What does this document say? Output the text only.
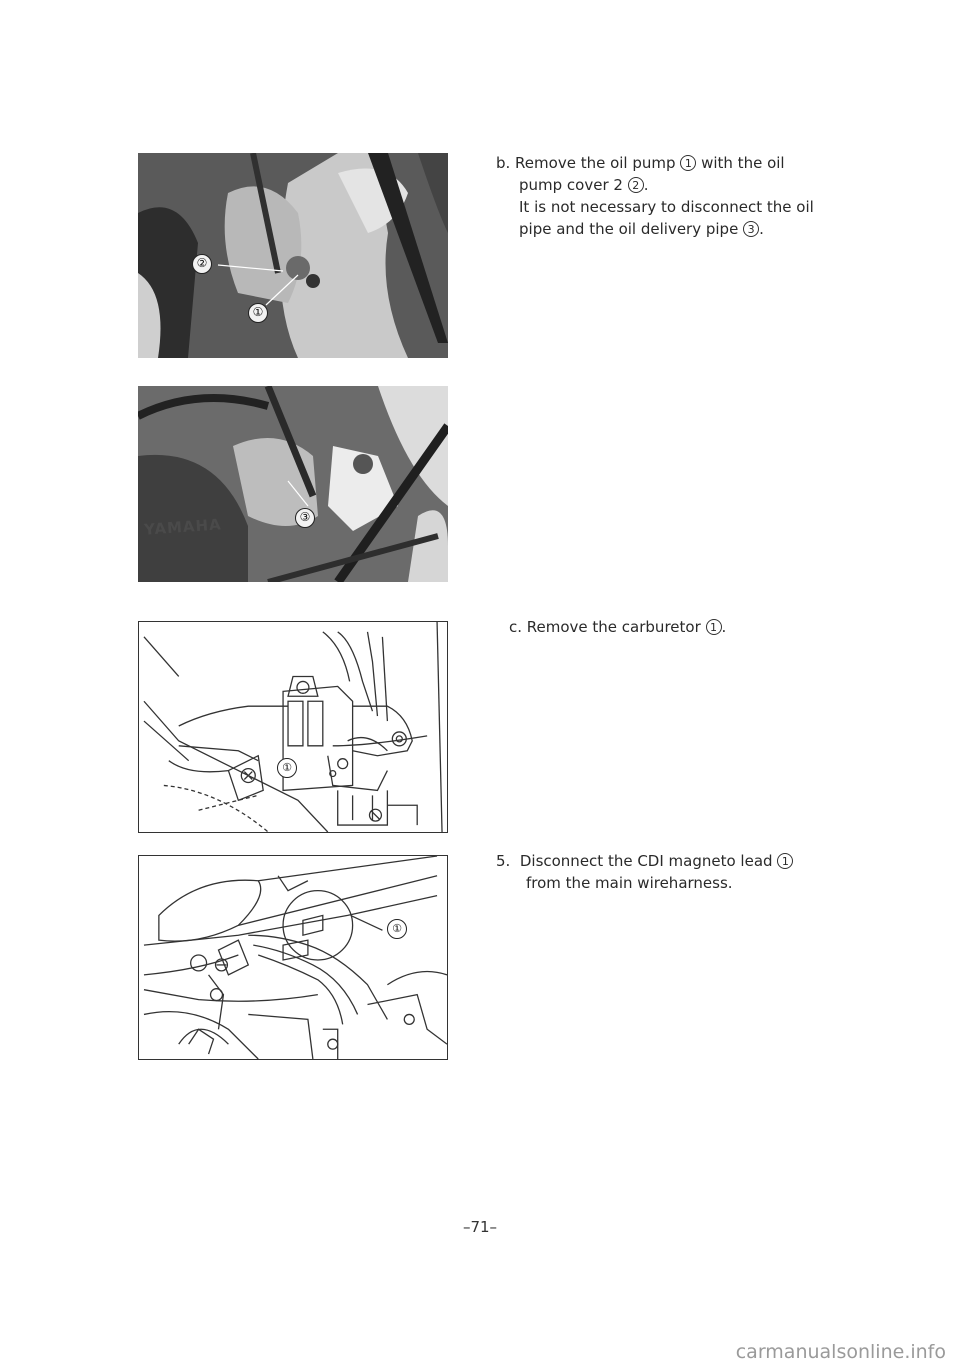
②
①
③
YAMAHA
①
①

b. Remove the oil pump 1 with the oil

pump cover 2 2 .

It is not necessary to disconnect the oil

pipe and the oil delivery pipe 3 .

c. Remove the carburetor 1 .

5.  Disconnect the CDI magneto lead 1

from the main wireharness.

–71–
carmanualsonline.info
